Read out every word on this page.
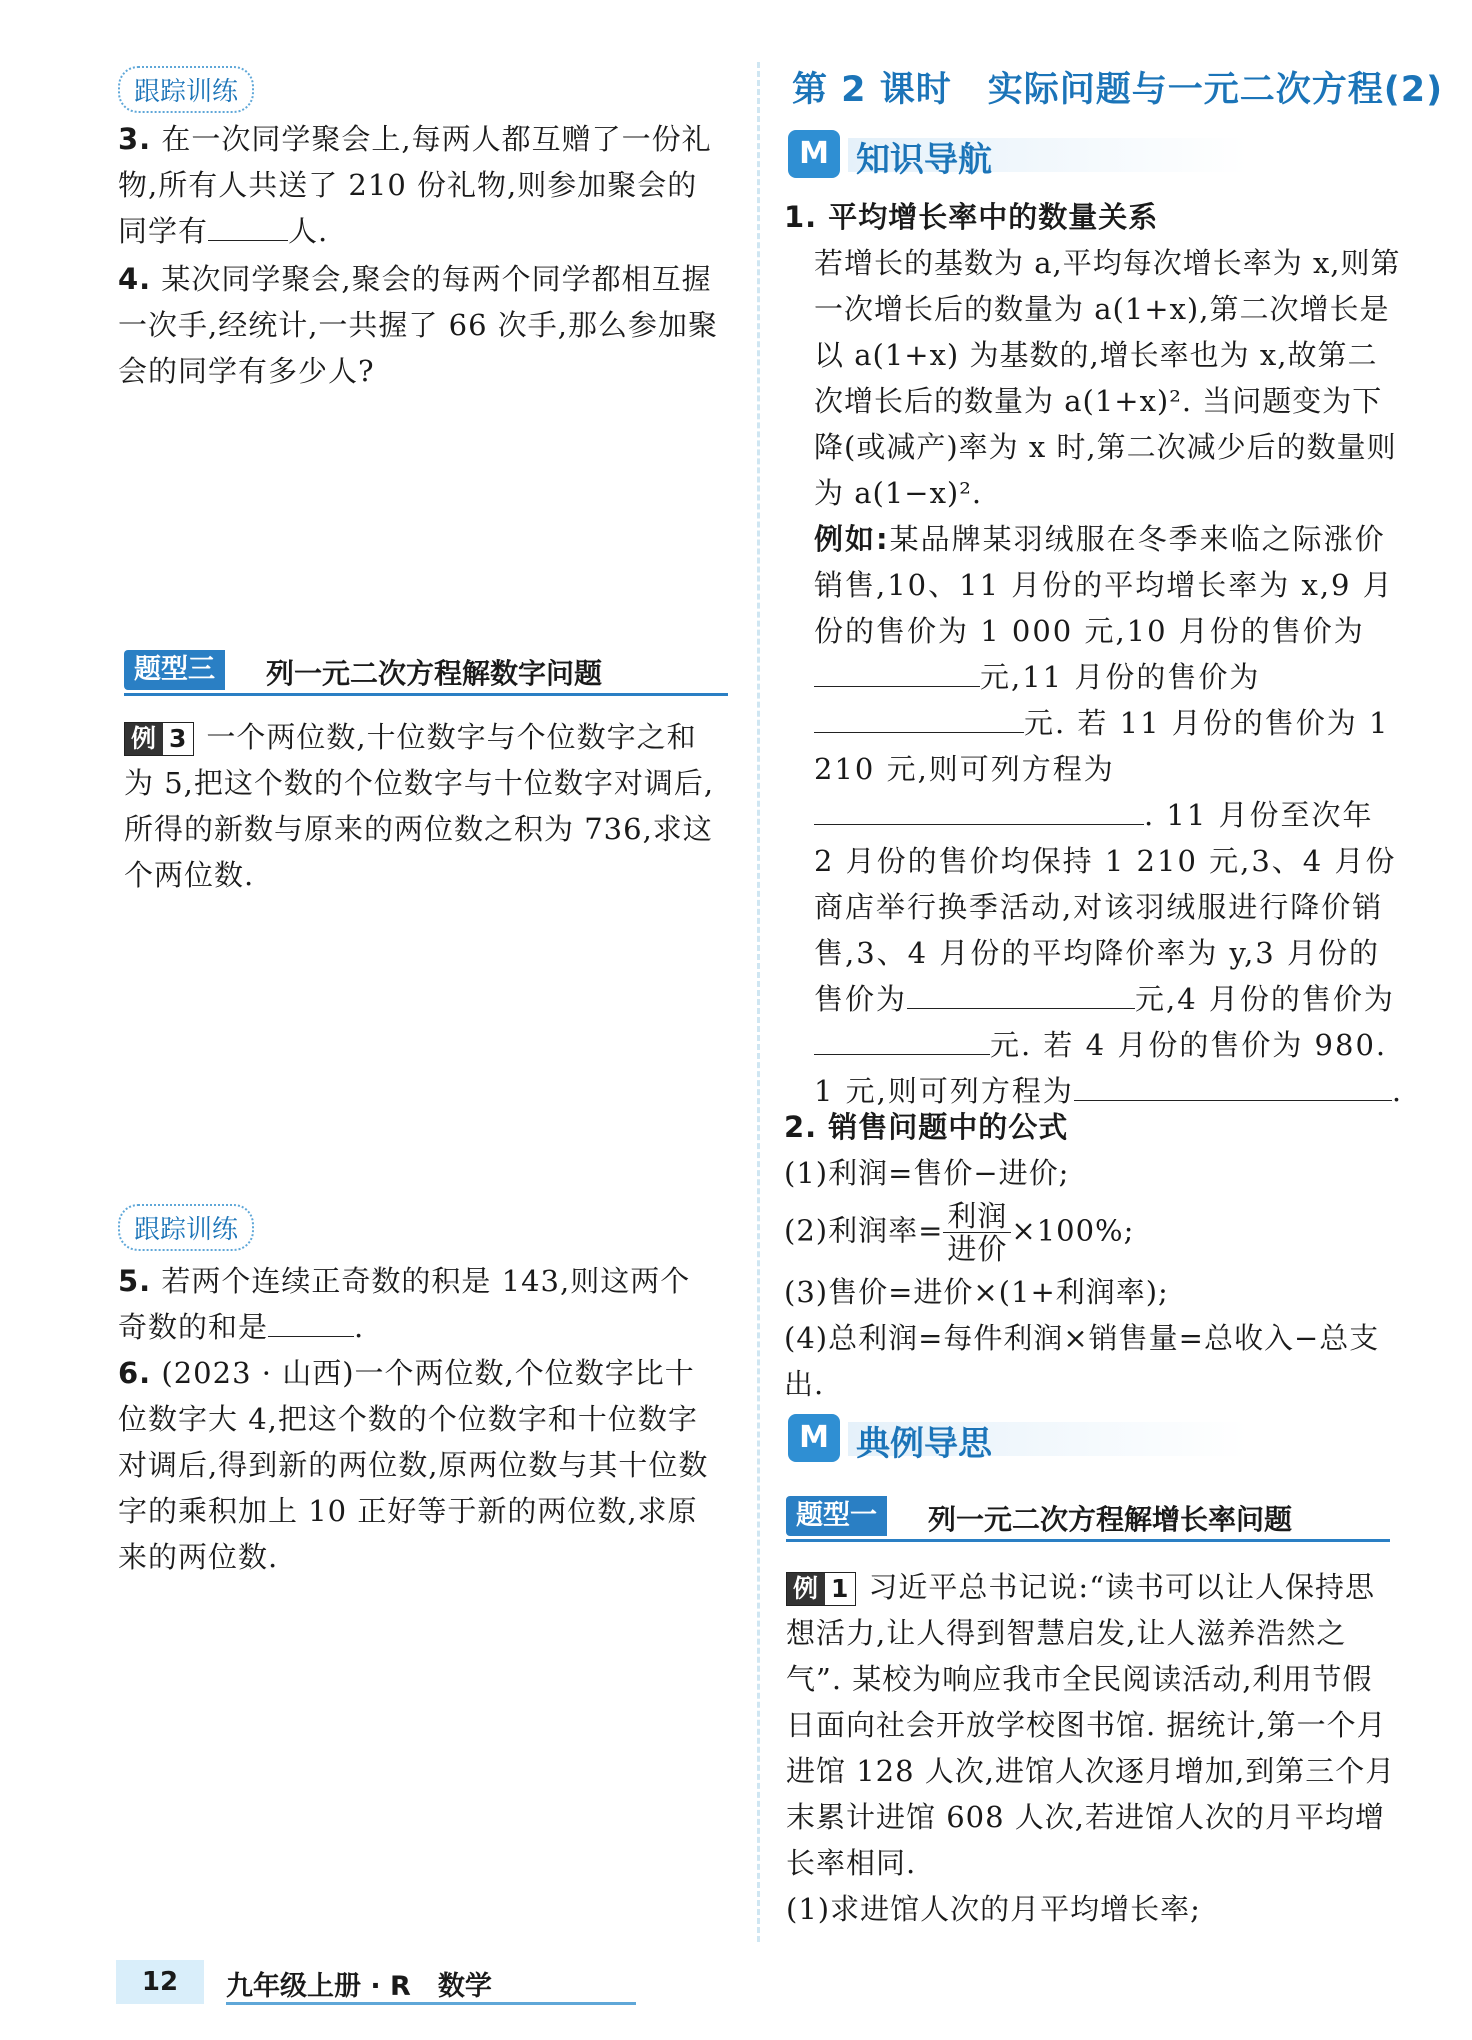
跟踪训练
3. 在一次同学聚会上,每两人都互赠了一份礼物,所有人共送了 210 份礼物,则参加聚会的同学有	人.
4. 某次同学聚会,聚会的每两个同学都相互握一次手,经统计,一共握了 66 次手,那么参加聚会的同学有多少人?
题型三	列一元二次方程解数字问题
例 3 一个两位数,十位数字与个位数字之和为 5,把这个数的个位数字与十位数字对调后,所得的新数与原来的两位数之积为 736,求这个两位数.
跟踪训练
5. 若两个连续正奇数的积是 143,则这两个奇数的和是	.
6. (2023 · 山西)一个两位数,个位数字比十位数字大 4,把这个数的个位数字和十位数字对调后,得到新的两位数,原两位数与其十位数字的乘积加上 10 正好等于新的两位数,求原来的两位数.
第 2 课时　实际问题与一元二次方程(2)
M 知识导航
1. 平均增长率中的数量关系
若增长的基数为 a,平均每次增长率为 x,则第一次增长后的数量为 a(1+x),第二次增长是以 a(1+x) 为基数的,增长率也为 x,故第二次增长后的数量为 a(1+x)². 当问题变为下降(或减产)率为 x 时,第二次减少后的数量则为 a(1−x)².
例如:某品牌某羽绒服在冬季来临之际涨价销售,10、11 月份的平均增长率为 x,9 月份的售价为 1 000 元,10 月份的售价为元,11 月份的售价为元. 若 11 月份的售价为 1 210 元,则可列方程为. 11 月份至次年 2 月份的售价均保持 1 210 元,3、4 月份商店举行换季活动,对该羽绒服进行降价销售,3、4 月份的平均降价率为 y,3 月份的售价为	元,4 月份的售价为元. 若 4 月份的售价为 980. 1 元,则可列方程为	.
2. 销售问题中的公式
(1)利润=售价−进价;
(2)利润率= $\frac{\text{利润}}{\text{进价}} \times 100\%$;
(3)售价=进价×(1+利润率);
(4)总利润=每件利润×销售量=总收入−总支出.
M 典例导思
题型一	列一元二次方程解增长率问题
例 1 习近平总书记说:“读书可以让人保持思想活力,让人得到智慧启发,让人滋养浩然之气”. 某校为响应我市全民阅读活动,利用节假日面向社会开放学校图书馆. 据统计,第一个月进馆 128 人次,进馆人次逐月增加,到第三个月末累计进馆 608 人次,若进馆人次的月平均增长率相同.
(1)求进馆人次的月平均增长率;
12	九年级上册 · R　数学
